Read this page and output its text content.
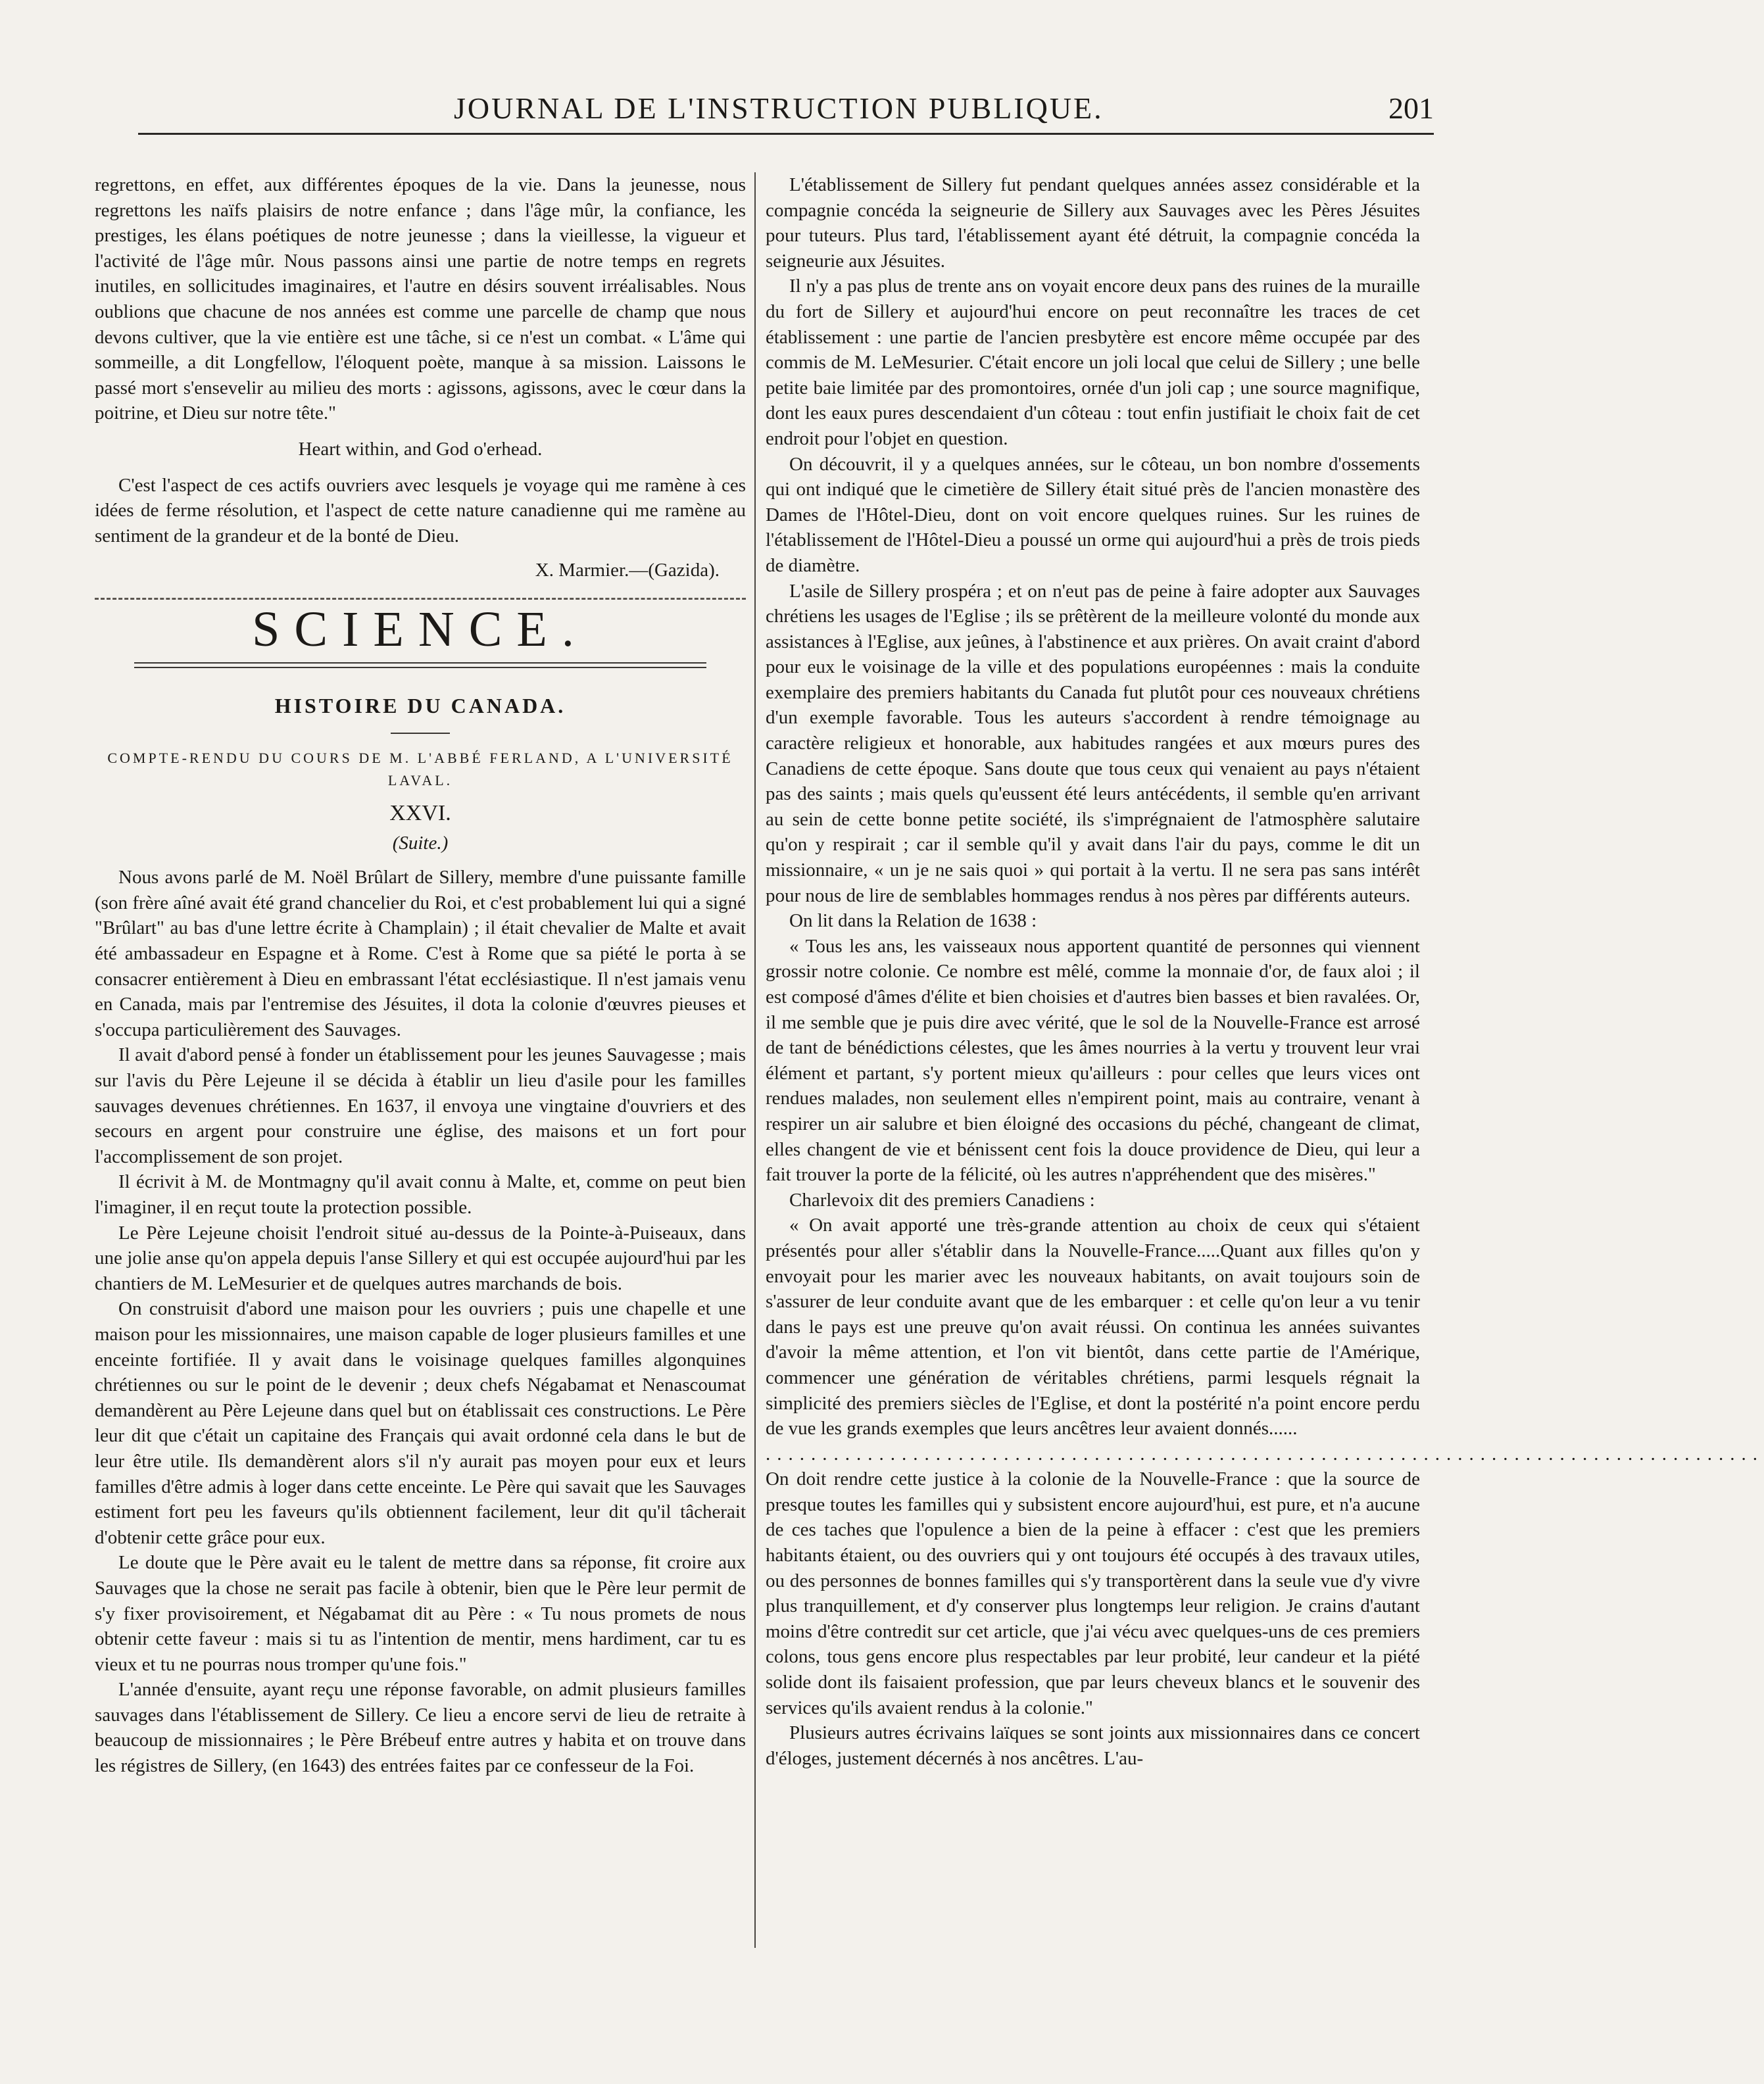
JOURNAL DE L'INSTRUCTION PUBLIQUE.	201

regrettons, en effet, aux différentes époques de la vie. Dans la jeunesse, nous regrettons les naïfs plaisirs de notre enfance ; dans l'âge mûr, la confiance, les prestiges, les élans poétiques de notre jeunesse ; dans la vieillesse, la vigueur et l'activité de l'âge mûr. Nous passons ainsi une partie de notre temps en regrets inutiles, en sollicitudes imaginaires, et l'autre en désirs souvent irréalisables. Nous oublions que chacune de nos années est comme une parcelle de champ que nous devons cultiver, que la vie entière est une tâche, si ce n'est un combat. « L'âme qui sommeille, a dit Longfellow, l'éloquent poète, manque à sa mission. Laissons le passé mort s'ensevelir au milieu des morts : agissons, agissons, avec le cœur dans la poitrine, et Dieu sur notre tête."

Heart within, and God o'erhead.

C'est l'aspect de ces actifs ouvriers avec lesquels je voyage qui me ramène à ces idées de ferme résolution, et l'aspect de cette nature canadienne qui me ramène au sentiment de la grandeur et de la bonté de Dieu.

X. Marmier.—(Gazida).

SCIENCE.
HISTOIRE DU CANADA.
COMPTE-RENDU DU COURS DE M. L'ABBÉ FERLAND, A L'UNIVERSITÉ LAVAL.
XXVI.
(Suite.)

Nous avons parlé de M. Noël Brûlart de Sillery, membre d'une puissante famille (son frère aîné avait été grand chancelier du Roi, et c'est probablement lui qui a signé "Brûlart" au bas d'une lettre écrite à Champlain) ; il était chevalier de Malte et avait été ambassadeur en Espagne et à Rome. C'est à Rome que sa piété le porta à se consacrer entièrement à Dieu en embrassant l'état ecclésiastique. Il n'est jamais venu en Canada, mais par l'entremise des Jésuites, il dota la colonie d'œuvres pieuses et s'occupa particulièrement des Sauvages.

Il avait d'abord pensé à fonder un établissement pour les jeunes Sauvagesse ; mais sur l'avis du Père Lejeune il se décida à établir un lieu d'asile pour les familles sauvages devenues chrétiennes. En 1637, il envoya une vingtaine d'ouvriers et des secours en argent pour construire une église, des maisons et un fort pour l'accomplissement de son projet.

Il écrivit à M. de Montmagny qu'il avait connu à Malte, et, comme on peut bien l'imaginer, il en reçut toute la protection possible.

Le Père Lejeune choisit l'endroit situé au-dessus de la Pointe-à-Puiseaux, dans une jolie anse qu'on appela depuis l'anse Sillery et qui est occupée aujourd'hui par les chantiers de M. LeMesurier et de quelques autres marchands de bois.

On construisit d'abord une maison pour les ouvriers ; puis une chapelle et une maison pour les missionnaires, une maison capable de loger plusieurs familles et une enceinte fortifiée. Il y avait dans le voisinage quelques familles algonquines chrétiennes ou sur le point de le devenir ; deux chefs Négabamat et Nenascoumat demandèrent au Père Lejeune dans quel but on établissait ces constructions. Le Père leur dit que c'était un capitaine des Français qui avait ordonné cela dans le but de leur être utile. Ils demandèrent alors s'il n'y aurait pas moyen pour eux et leurs familles d'être admis à loger dans cette enceinte. Le Père qui savait que les Sauvages estiment fort peu les faveurs qu'ils obtiennent facilement, leur dit qu'il tâcherait d'obtenir cette grâce pour eux.

Le doute que le Père avait eu le talent de mettre dans sa réponse, fit croire aux Sauvages que la chose ne serait pas facile à obtenir, bien que le Père leur permit de s'y fixer provisoirement, et Négabamat dit au Père : « Tu nous promets de nous obtenir cette faveur : mais si tu as l'intention de mentir, mens hardiment, car tu es vieux et tu ne pourras nous tromper qu'une fois."

L'année d'ensuite, ayant reçu une réponse favorable, on admit plusieurs familles sauvages dans l'établissement de Sillery. Ce lieu a encore servi de lieu de retraite à beaucoup de missionnaires ; le Père Brébeuf entre autres y habita et on trouve dans les régistres de Sillery, (en 1643) des entrées faites par ce confesseur de la Foi.

L'établissement de Sillery fut pendant quelques années assez considérable et la compagnie concéda la seigneurie de Sillery aux Sauvages avec les Pères Jésuites pour tuteurs. Plus tard, l'établissement ayant été détruit, la compagnie concéda la seigneurie aux Jésuites.

Il n'y a pas plus de trente ans on voyait encore deux pans des ruines de la muraille du fort de Sillery et aujourd'hui encore on peut reconnaître les traces de cet établissement : une partie de l'ancien presbytère est encore même occupée par des commis de M. LeMesurier. C'était encore un joli local que celui de Sillery ; une belle petite baie limitée par des promontoires, ornée d'un joli cap ; une source magnifique, dont les eaux pures descendaient d'un côteau : tout enfin justifiait le choix fait de cet endroit pour l'objet en question.

On découvrit, il y a quelques années, sur le côteau, un bon nombre d'ossements qui ont indiqué que le cimetière de Sillery était situé près de l'ancien monastère des Dames de l'Hôtel-Dieu, dont on voit encore quelques ruines. Sur les ruines de l'établissement de l'Hôtel-Dieu a poussé un orme qui aujourd'hui a près de trois pieds de diamètre.

L'asile de Sillery prospéra ; et on n'eut pas de peine à faire adopter aux Sauvages chrétiens les usages de l'Eglise ; ils se prêtèrent de la meilleure volonté du monde aux assistances à l'Eglise, aux jeûnes, à l'abstinence et aux prières. On avait craint d'abord pour eux le voisinage de la ville et des populations européennes : mais la conduite exemplaire des premiers habitants du Canada fut plutôt pour ces nouveaux chrétiens d'un exemple favorable. Tous les auteurs s'accordent à rendre témoignage au caractère religieux et honorable, aux habitudes rangées et aux mœurs pures des Canadiens de cette époque. Sans doute que tous ceux qui venaient au pays n'étaient pas des saints ; mais quels qu'eussent été leurs antécédents, il semble qu'en arrivant au sein de cette bonne petite société, ils s'imprégnaient de l'atmosphère salutaire qu'on y respirait ; car il semble qu'il y avait dans l'air du pays, comme le dit un missionnaire, « un je ne sais quoi » qui portait à la vertu. Il ne sera pas sans intérêt pour nous de lire de semblables hommages rendus à nos pères par différents auteurs.

On lit dans la Relation de 1638 :

« Tous les ans, les vaisseaux nous apportent quantité de personnes qui viennent grossir notre colonie. Ce nombre est mêlé, comme la monnaie d'or, de faux aloi ; il est composé d'âmes d'élite et bien choisies et d'autres bien basses et bien ravalées. Or, il me semble que je puis dire avec vérité, que le sol de la Nouvelle-France est arrosé de tant de bénédictions célestes, que les âmes nourries à la vertu y trouvent leur vrai élément et partant, s'y portent mieux qu'ailleurs : pour celles que leurs vices ont rendues malades, non seulement elles n'empirent point, mais au contraire, venant à respirer un air salubre et bien éloigné des occasions du péché, changeant de climat, elles changent de vie et bénissent cent fois la douce providence de Dieu, qui leur a fait trouver la porte de la félicité, où les autres n'appréhendent que des misères."

Charlevoix dit des premiers Canadiens :

« On avait apporté une très-grande attention au choix de ceux qui s'étaient présentés pour aller s'établir dans la Nouvelle-France.....Quant aux filles qu'on y envoyait pour les marier avec les nouveaux habitants, on avait toujours soin de s'assurer de leur conduite avant que de les embarquer : et celle qu'on leur a vu tenir dans le pays est une preuve qu'on avait réussi. On continua les années suivantes d'avoir la même attention, et l'on vit bientôt, dans cette partie de l'Amérique, commencer une génération de véritables chrétiens, parmi lesquels régnait la simplicité des premiers siècles de l'Eglise, et dont la postérité n'a point encore perdu de vue les grands exemples que leurs ancêtres leur avaient donnés......

........................................................................................

On doit rendre cette justice à la colonie de la Nouvelle-France : que la source de presque toutes les familles qui y subsistent encore aujourd'hui, est pure, et n'a aucune de ces taches que l'opulence a bien de la peine à effacer : c'est que les premiers habitants étaient, ou des ouvriers qui y ont toujours été occupés à des travaux utiles, ou des personnes de bonnes familles qui s'y transportèrent dans la seule vue d'y vivre plus tranquillement, et d'y conserver plus longtemps leur religion. Je crains d'autant moins d'être contredit sur cet article, que j'ai vécu avec quelques-uns de ces premiers colons, tous gens encore plus respectables par leur probité, leur candeur et la piété solide dont ils faisaient profession, que par leurs cheveux blancs et le souvenir des services qu'ils avaient rendus à la colonie."

Plusieurs autres écrivains laïques se sont joints aux missionnaires dans ce concert d'éloges, justement décernés à nos ancêtres. L'au-
